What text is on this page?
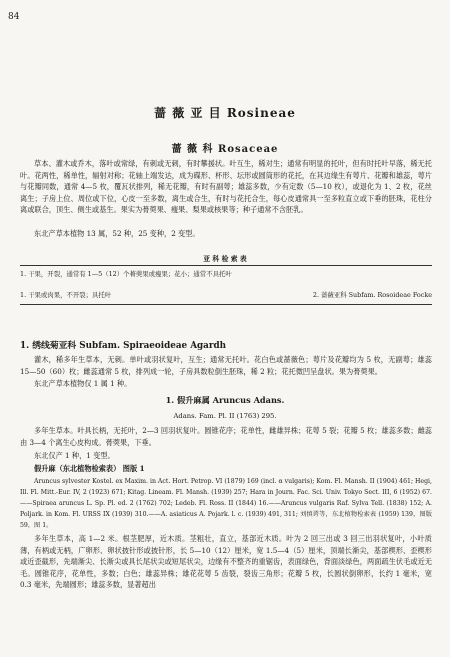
84
蔷 薇 亚 目 Rosineae
蔷 薇 科 Rosaceae
草本、灌木或乔木，落叶或常绿，有刺或无刺，有时攀援状。叶互生，稀对生；通常有明显的托叶，但有时托叶早落，稀无托叶。花两性，稀单性，辐射对称；花轴上端发达，成为碟形、杯形、坛形或圆筒形的花托，在其边缘生有萼片、花瓣和雄蕊，萼片与花瓣同数，通常 4—5 枚，覆瓦状排列，稀无花瓣，有时有副萼；雄蕊多数，少有定数（5—10 枚），或退化为 1、2 枚，花丝离生；子房上位、周位或下位，心皮一至多数，离生或合生，有时与花托合生，每心皮通常具一至多粒直立或下垂的胚珠，花柱分离或联合，顶生、侧生或基生。果实为蓇葖果、瘦果、梨果或核果等；种子通常不含胚乳。
东北产草本植物 13 属，52 种，25 变种，2 变型。
亚 科 检 索 表
1. 干果，开裂，通常有 1—5（12）个蓇葖果或瘦果；花小；通常不具托叶
1. 干果或肉果，不开裂；具托叶	2. 蔷薇亚科 Subfam. Rosoideae Focke
1. 绣线菊亚科 Subfam. Spiraeoideae Agardh
灌木，稀多年生草本，无刺。单叶或羽状复叶，互生；通常无托叶。花白色或蔷薇色；萼片及花瓣均为 5 枚，无副萼；雄蕊 15—50（60）枚；雌蕊通常 5 枚，排列成一轮，子房具数粒倒生胚珠，稀 2 粒；花托微凹呈盘状。果为蓇葖果。
东北产草本植物仅 1 属 1 种。
1. 假升麻属 Aruncus Adans.
Adans. Fam. Pl. II (1763) 295.
多年生草本。叶具长柄，无托叶，2—3 回羽状复叶。圆锥花序；花单性，雌雄异株；花萼 5 裂；花瓣 5 枚；雄蕊多数；雌蕊由 3—4 个离生心皮构成。蓇葖果，下垂。
东北仅产 1 种，1 变型。
假升麻（东北植物检索表） 图版 1
Aruncus sylvester Kostel. ex Maxim. in Act. Hort. Petrop. VI (1879) 169 (incl. α vulgaris); Kom. Fl. Mansh. II (1904) 461; Hegi, Ill. Fl. Mitt.-Eur. IV, 2 (1923) 671; Kitag. Lineam. Fl. Mansh. (1939) 257; Hara in Journ. Fac. Sci. Univ. Tokyo Sect. III, 6 (1952) 67.——Spiraea aruncus L. Sp. Pl. ed. 2 (1762) 702; Ledeb. Fl. Ross. II (1844) 16.——Aruncus vulgaris Raf. Sylva Tell. (1838) 152; A. Poljark. in Kom. Fl. URSS IX (1939) 310.——A. asiaticus A. Pojark. l. c. (1939) 491, 311; 刘慎谔等，东北植物检索表 (1959) 139，图版 59，图 1。
多年生草本，高 1—2 米。根茎肥厚，近木质。茎粗壮，直立，基部近木质。叶为 2 回三出或 3 回三出羽状复叶，小叶质薄，有柄或无柄，广卵形、卵状披针形或披针形，长 5—10（12）厘米，宽 1.5—4（5）厘米，顶端长渐尖，基部楔形、歪楔形或近歪截形，先端渐尖、长渐尖或具长尾状尖或短尾状尖，边缘有不整齐的重锯齿，表面绿色，背面淡绿色，两面疏生伏毛或近无毛。圆锥花序，花单性，多数；白色；雄蕊异株；雄花花萼 5 齿裂，裂齿三角形；花瓣 5 枚，长圆状倒卵形，长约 1 毫米，宽 0.3 毫米，先端圆形；雄蕊多数，显著超出
